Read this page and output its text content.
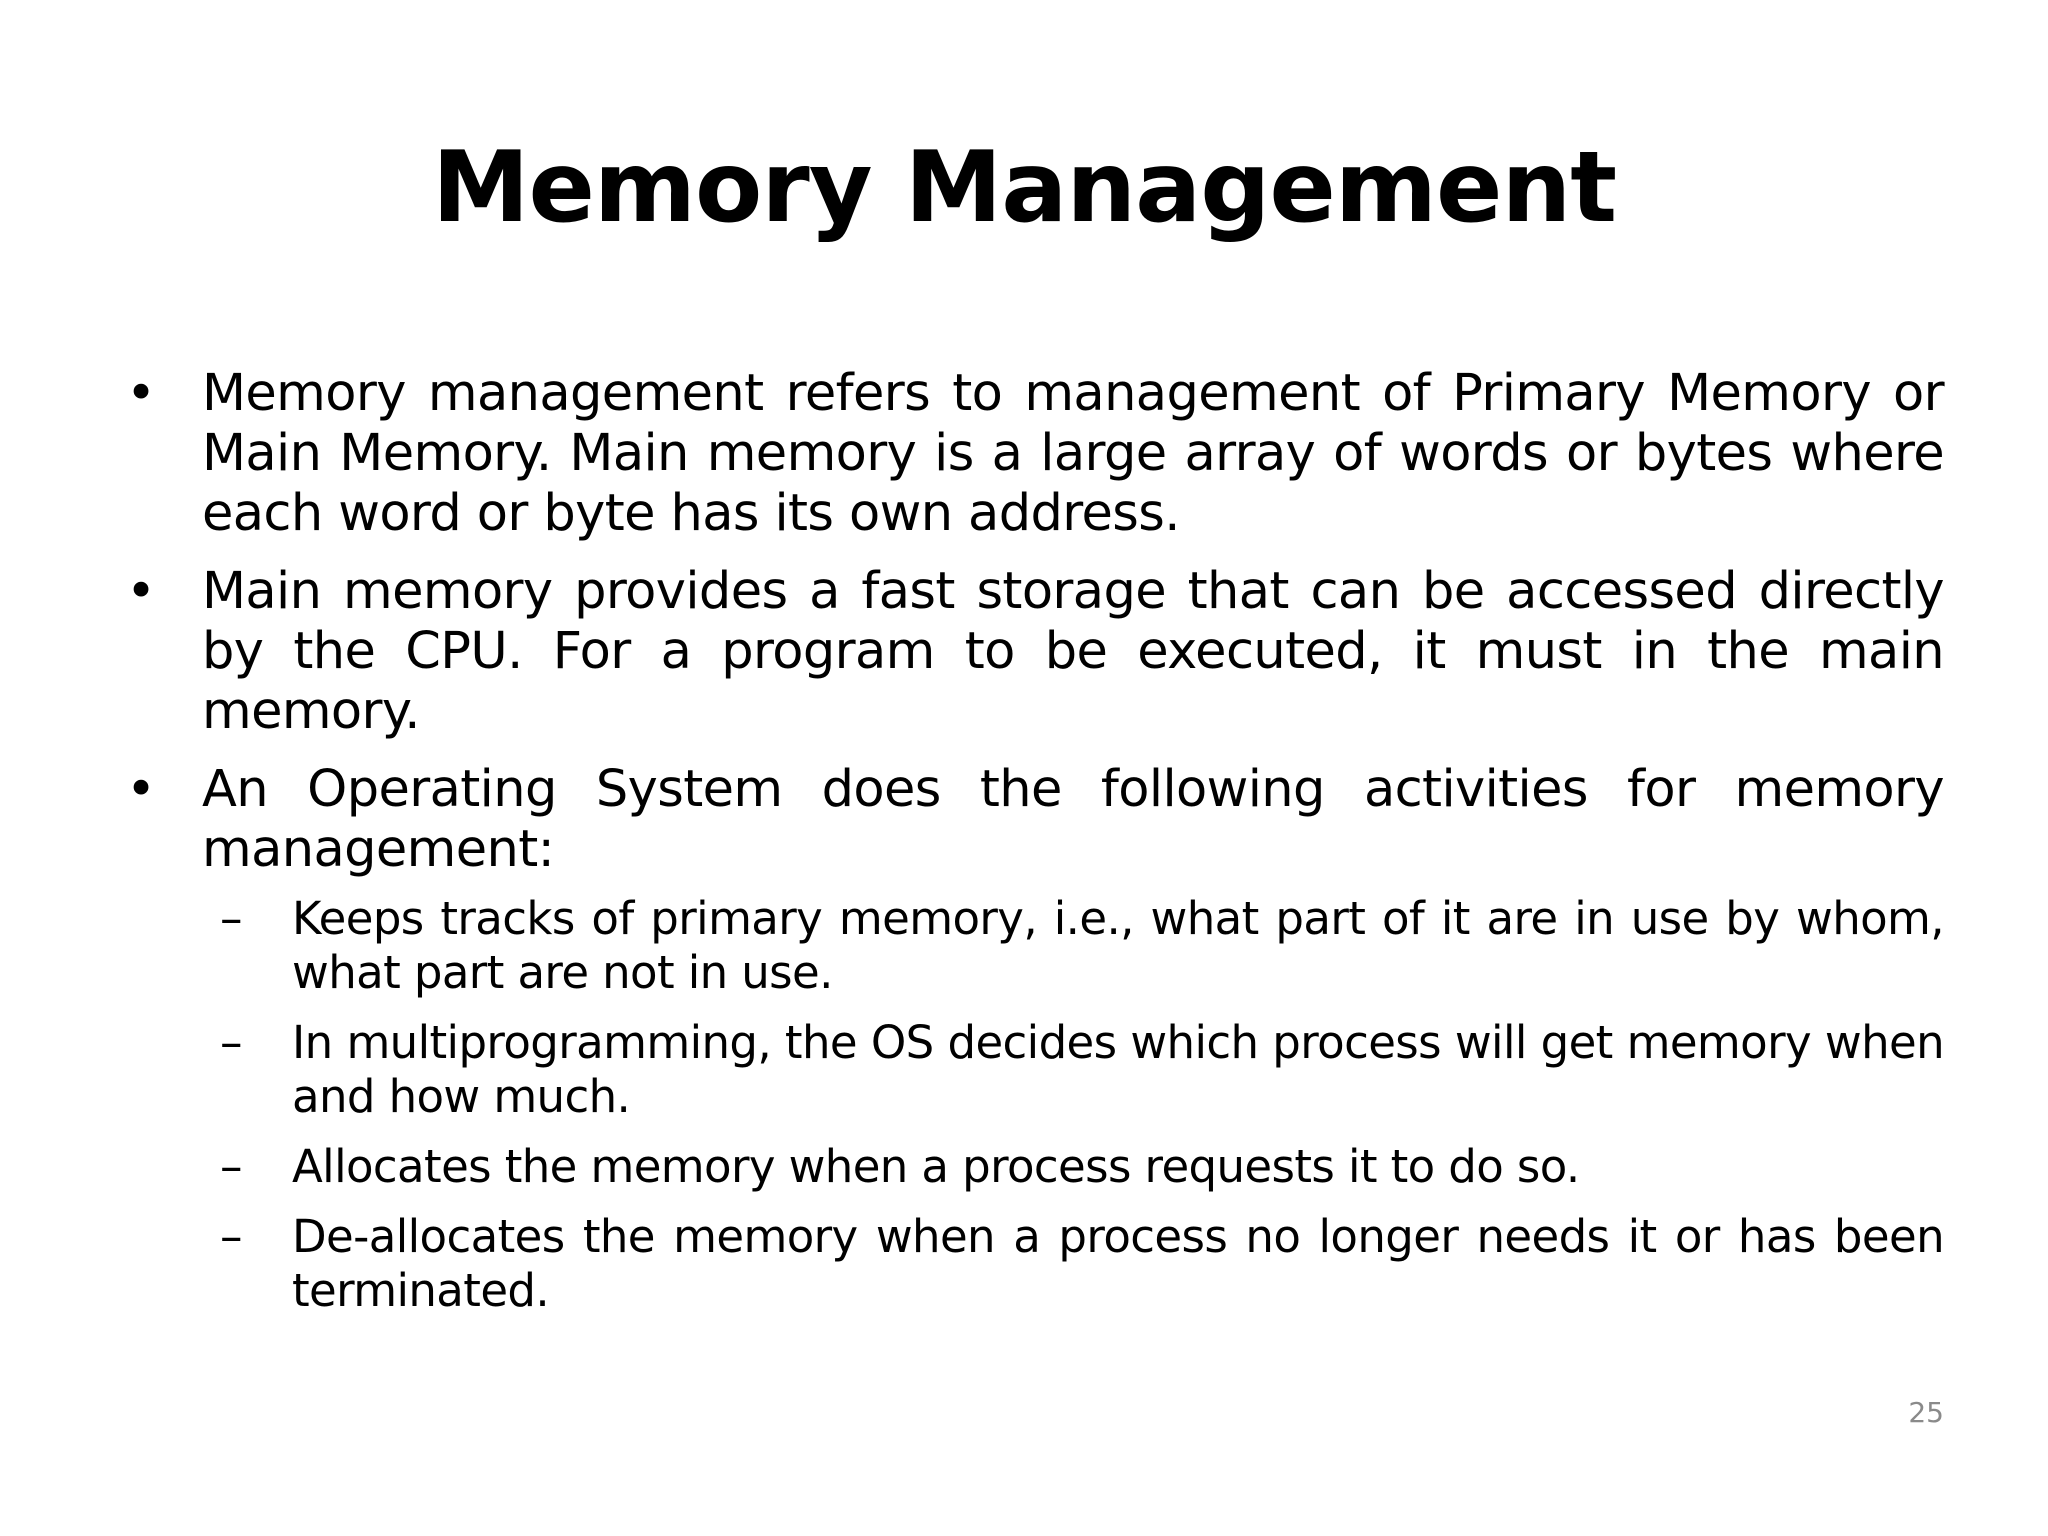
Memory Management
• Memory management refers to management of Primary Memory or Main Memory. Main memory is a large array of words or bytes where each word or byte has its own address.
• Main memory provides a fast storage that can be accessed directly by the CPU. For a program to be executed, it must in the main memory.
• An Operating System does the following activities for memory management:
– Keeps tracks of primary memory, i.e., what part of it are in use by whom, what part are not in use.
– In multiprogramming, the OS decides which process will get memory when and how much.
– Allocates the memory when a process requests it to do so.
– De-allocates the memory when a process no longer needs it or has been terminated.
25
